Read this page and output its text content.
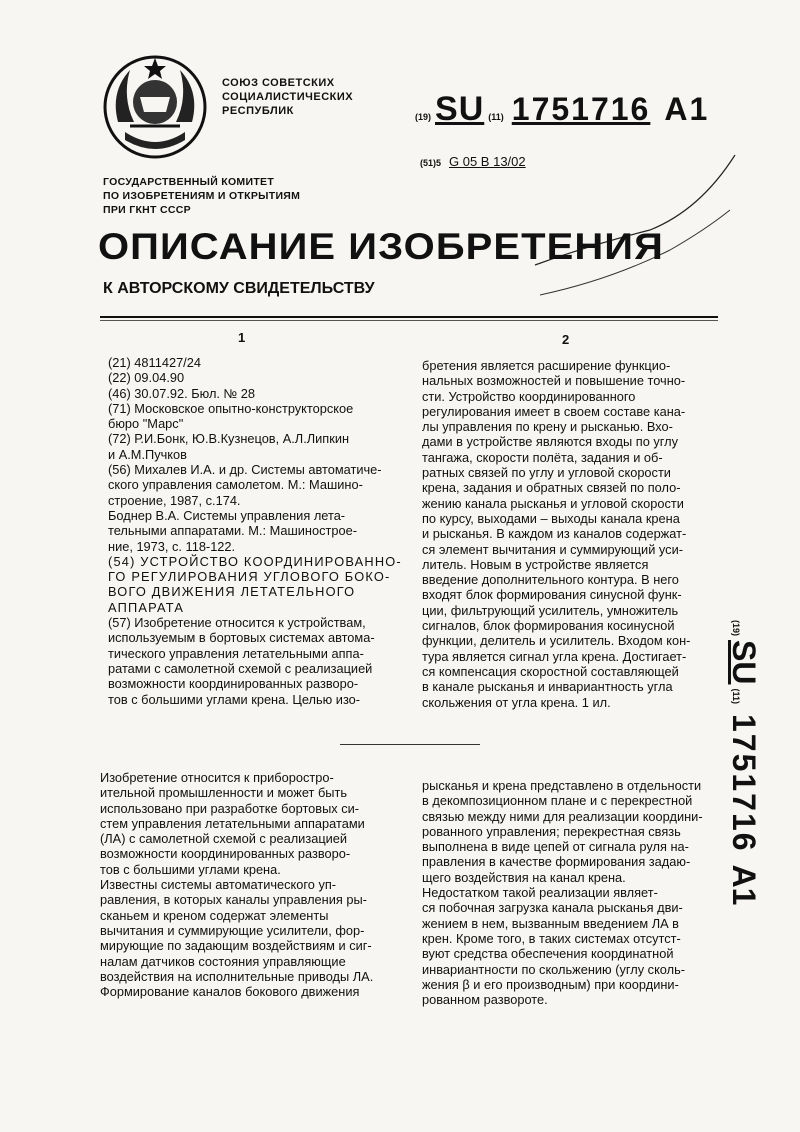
СОЮЗ СОВЕТСКИХ
СОЦИАЛИСТИЧЕСКИХ
РЕСПУБЛИК	(19) SU (11) 1751716 A1
(51)5 G 05 B 13/02
ГОСУДАРСТВЕННЫЙ КОМИТЕТ
ПО ИЗОБРЕТЕНИЯМ И ОТКРЫТИЯМ
ПРИ ГКНТ СССР
ОПИСАНИЕ ИЗОБРЕТЕНИЯ
К АВТОРСКОМУ СВИДЕТЕЛЬСТВУ
1	2
(21) 4811427/24
(22) 09.04.90
(46) 30.07.92. Бюл. № 28
(71) Московское опытно-конструкторское
бюро "Марс"
(72) Р.И.Бонк, Ю.В.Кузнецов, А.Л.Липкин
и А.М.Пучков
(56) Михалев И.А. и др. Системы автоматиче-
ского управления самолетом. М.: Машино-
строение, 1987, с.174.
Боднер В.А. Системы управления лета-
тельными аппаратами. М.: Машинострое-
ние, 1973, с. 118-122.
(54) УСТРОЙСТВО КООРДИНИРОВАННО-
ГО РЕГУЛИРОВАНИЯ УГЛОВОГО БОКО-
ВОГО ДВИЖЕНИЯ ЛЕТАТЕЛЬНОГО
АППАРАТА
(57) Изобретение относится к устройствам,
используемым в бортовых системах автома-
тического управления летательными аппа-
ратами с самолетной схемой с реализацией
возможности координированных разворо-
тов с большими углами крена. Целью изо-
бретения является расширение функцио-
нальных возможностей и повышение точно-
сти. Устройство координированного
регулирования имеет в своем составе кана-
лы управления по крену и рысканью. Вхо-
дами в устройстве являются входы по углу
тангажа, скорости полёта, задания и об-
ратных связей по углу и угловой скорости
крена, задания и обратных связей по поло-
жению канала рысканья и угловой скорости
по курсу, выходами – выходы канала крена
и рысканья. В каждом из каналов содержат-
ся элемент вычитания и суммирующий уси-
литель. Новым в устройстве является
введение дополнительного контура. В него
входят блок формирования синусной функ-
ции, фильтрующий усилитель, умножитель
сигналов, блок формирования косинусной
функции, делитель и усилитель. Входом кон-
тура является сигнал угла крена. Достигает-
ся компенсация скоростной составляющей
в канале рысканья и инвариантность угла
скольжения от угла крена. 1 ил.
(19)SU(11)1751716A1
Изобретение относится к приборостро-
ительной промышленности и может быть
использовано при разработке бортовых си-
стем управления летательными аппаратами
(ЛА) с самолетной схемой с реализацией
возможности координированных разворо-
тов с большими углами крена.
Известны системы автоматического уп-
равления, в которых каналы управления ры-
сканьем и креном содержат элементы
вычитания и суммирующие усилители, фор-
мирующие по задающим воздействиям и сиг-
налам датчиков состояния управляющие
воздействия на исполнительные приводы ЛА.
Формирование каналов бокового движения
рысканья и крена представлено в отдельности
в декомпозиционном плане и с перекрестной
связью между ними для реализации координи-
рованного управления; перекрестная связь
выполнена в виде цепей от сигнала руля на-
правления в качестве формирования задаю-
щего воздействия на канал крена.
Недостатком такой реализации являет-
ся побочная загрузка канала рысканья дви-
жением в нем, вызванным введением ЛА в
крен. Кроме того, в таких системах отсутст-
вуют средства обеспечения координатной
инвариантности по скольжению (углу сколь-
жения β и его производным) при координи-
рованном развороте.
